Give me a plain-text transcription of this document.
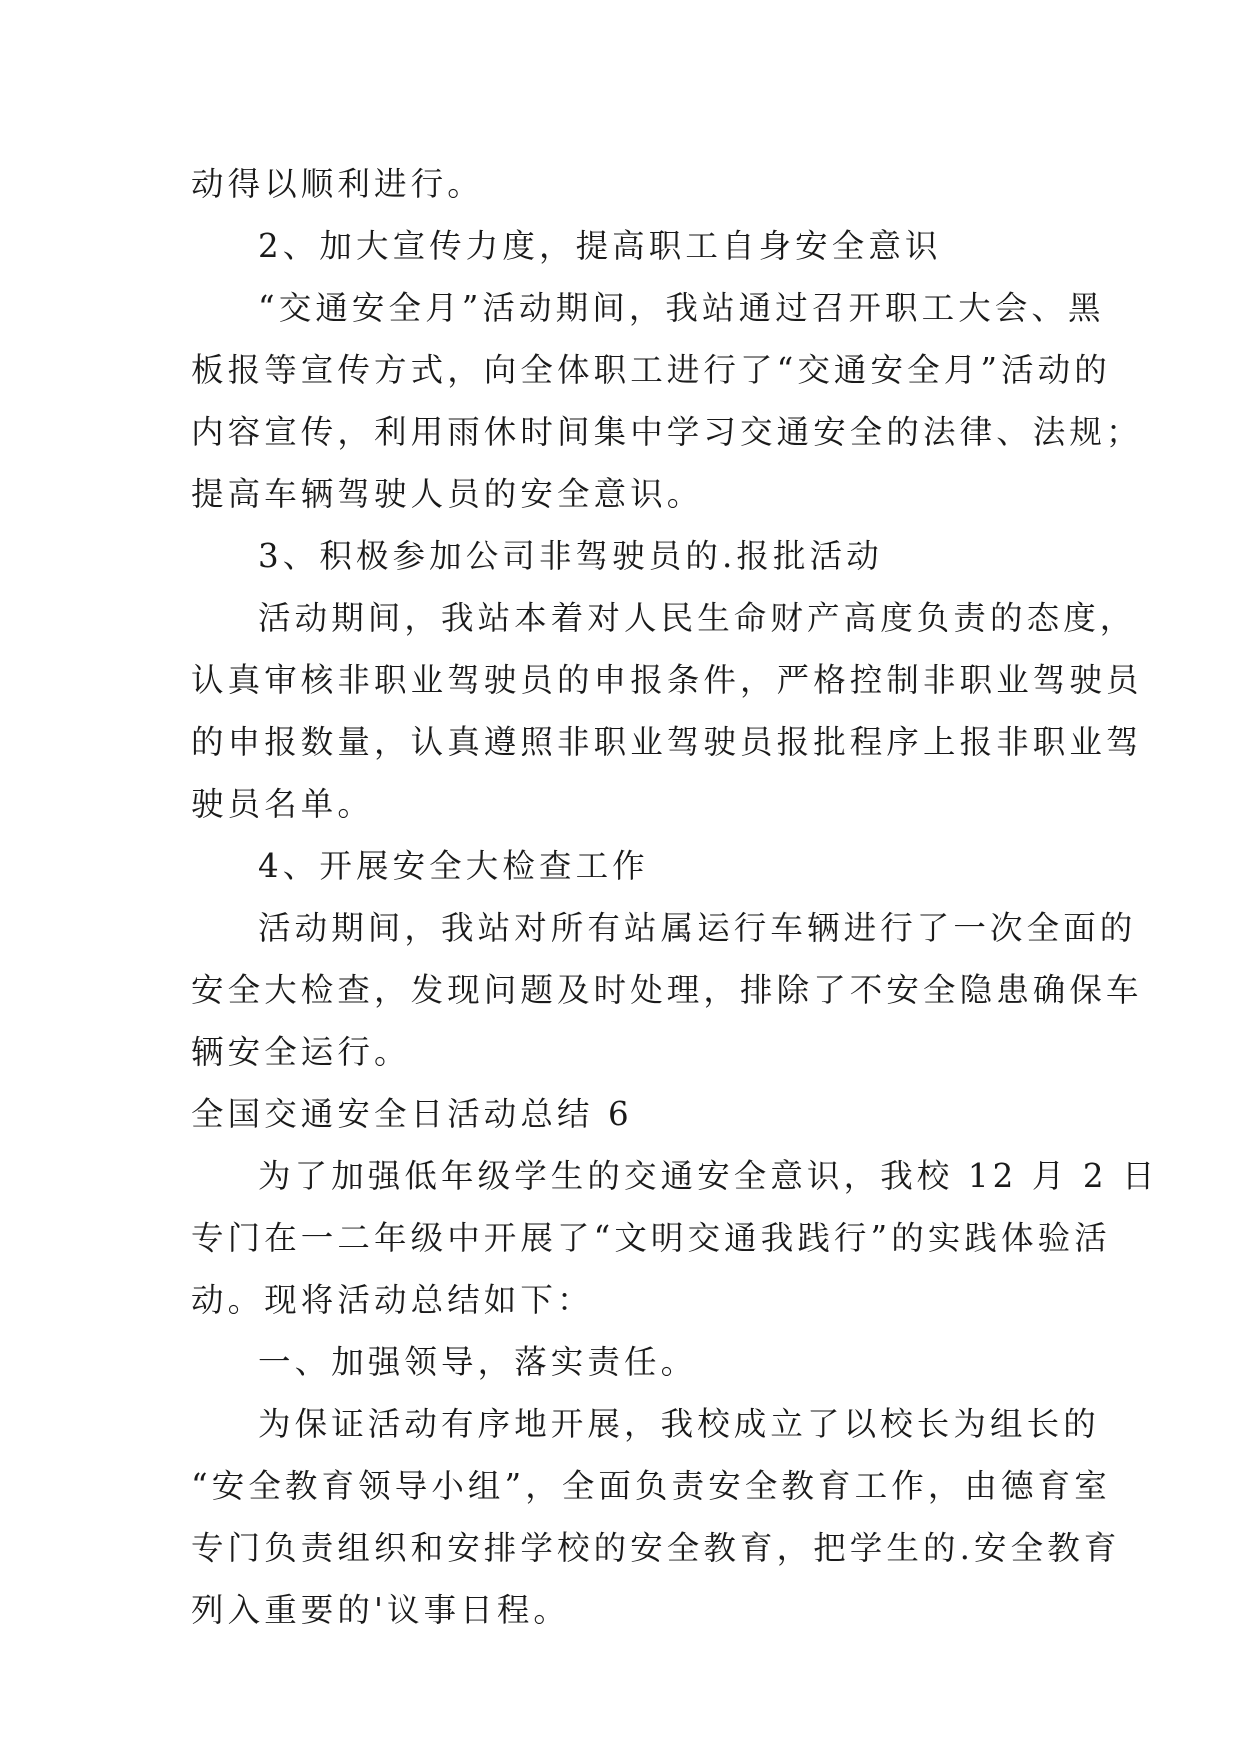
动得以顺利进行。
2、加大宣传力度，提高职工自身安全意识
“交通安全月”活动期间，我站通过召开职工大会、黑
板报等宣传方式，向全体职工进行了“交通安全月”活动的
内容宣传，利用雨休时间集中学习交通安全的法律、法规；
提高车辆驾驶人员的安全意识。
3、积极参加公司非驾驶员的.报批活动
活动期间，我站本着对人民生命财产高度负责的态度，
认真审核非职业驾驶员的申报条件，严格控制非职业驾驶员
的申报数量，认真遵照非职业驾驶员报批程序上报非职业驾
驶员名单。
4、开展安全大检查工作
活动期间，我站对所有站属运行车辆进行了一次全面的
安全大检查，发现问题及时处理，排除了不安全隐患确保车
辆安全运行。
全国交通安全日活动总结 6
为了加强低年级学生的交通安全意识，我校 12 月 2 日
专门在一二年级中开展了“文明交通我践行”的实践体验活
动。现将活动总结如下：
一、加强领导，落实责任。
为保证活动有序地开展，我校成立了以校长为组长的
“安全教育领导小组”，全面负责安全教育工作，由德育室
专门负责组织和安排学校的安全教育，把学生的.安全教育
列入重要的'议事日程。
